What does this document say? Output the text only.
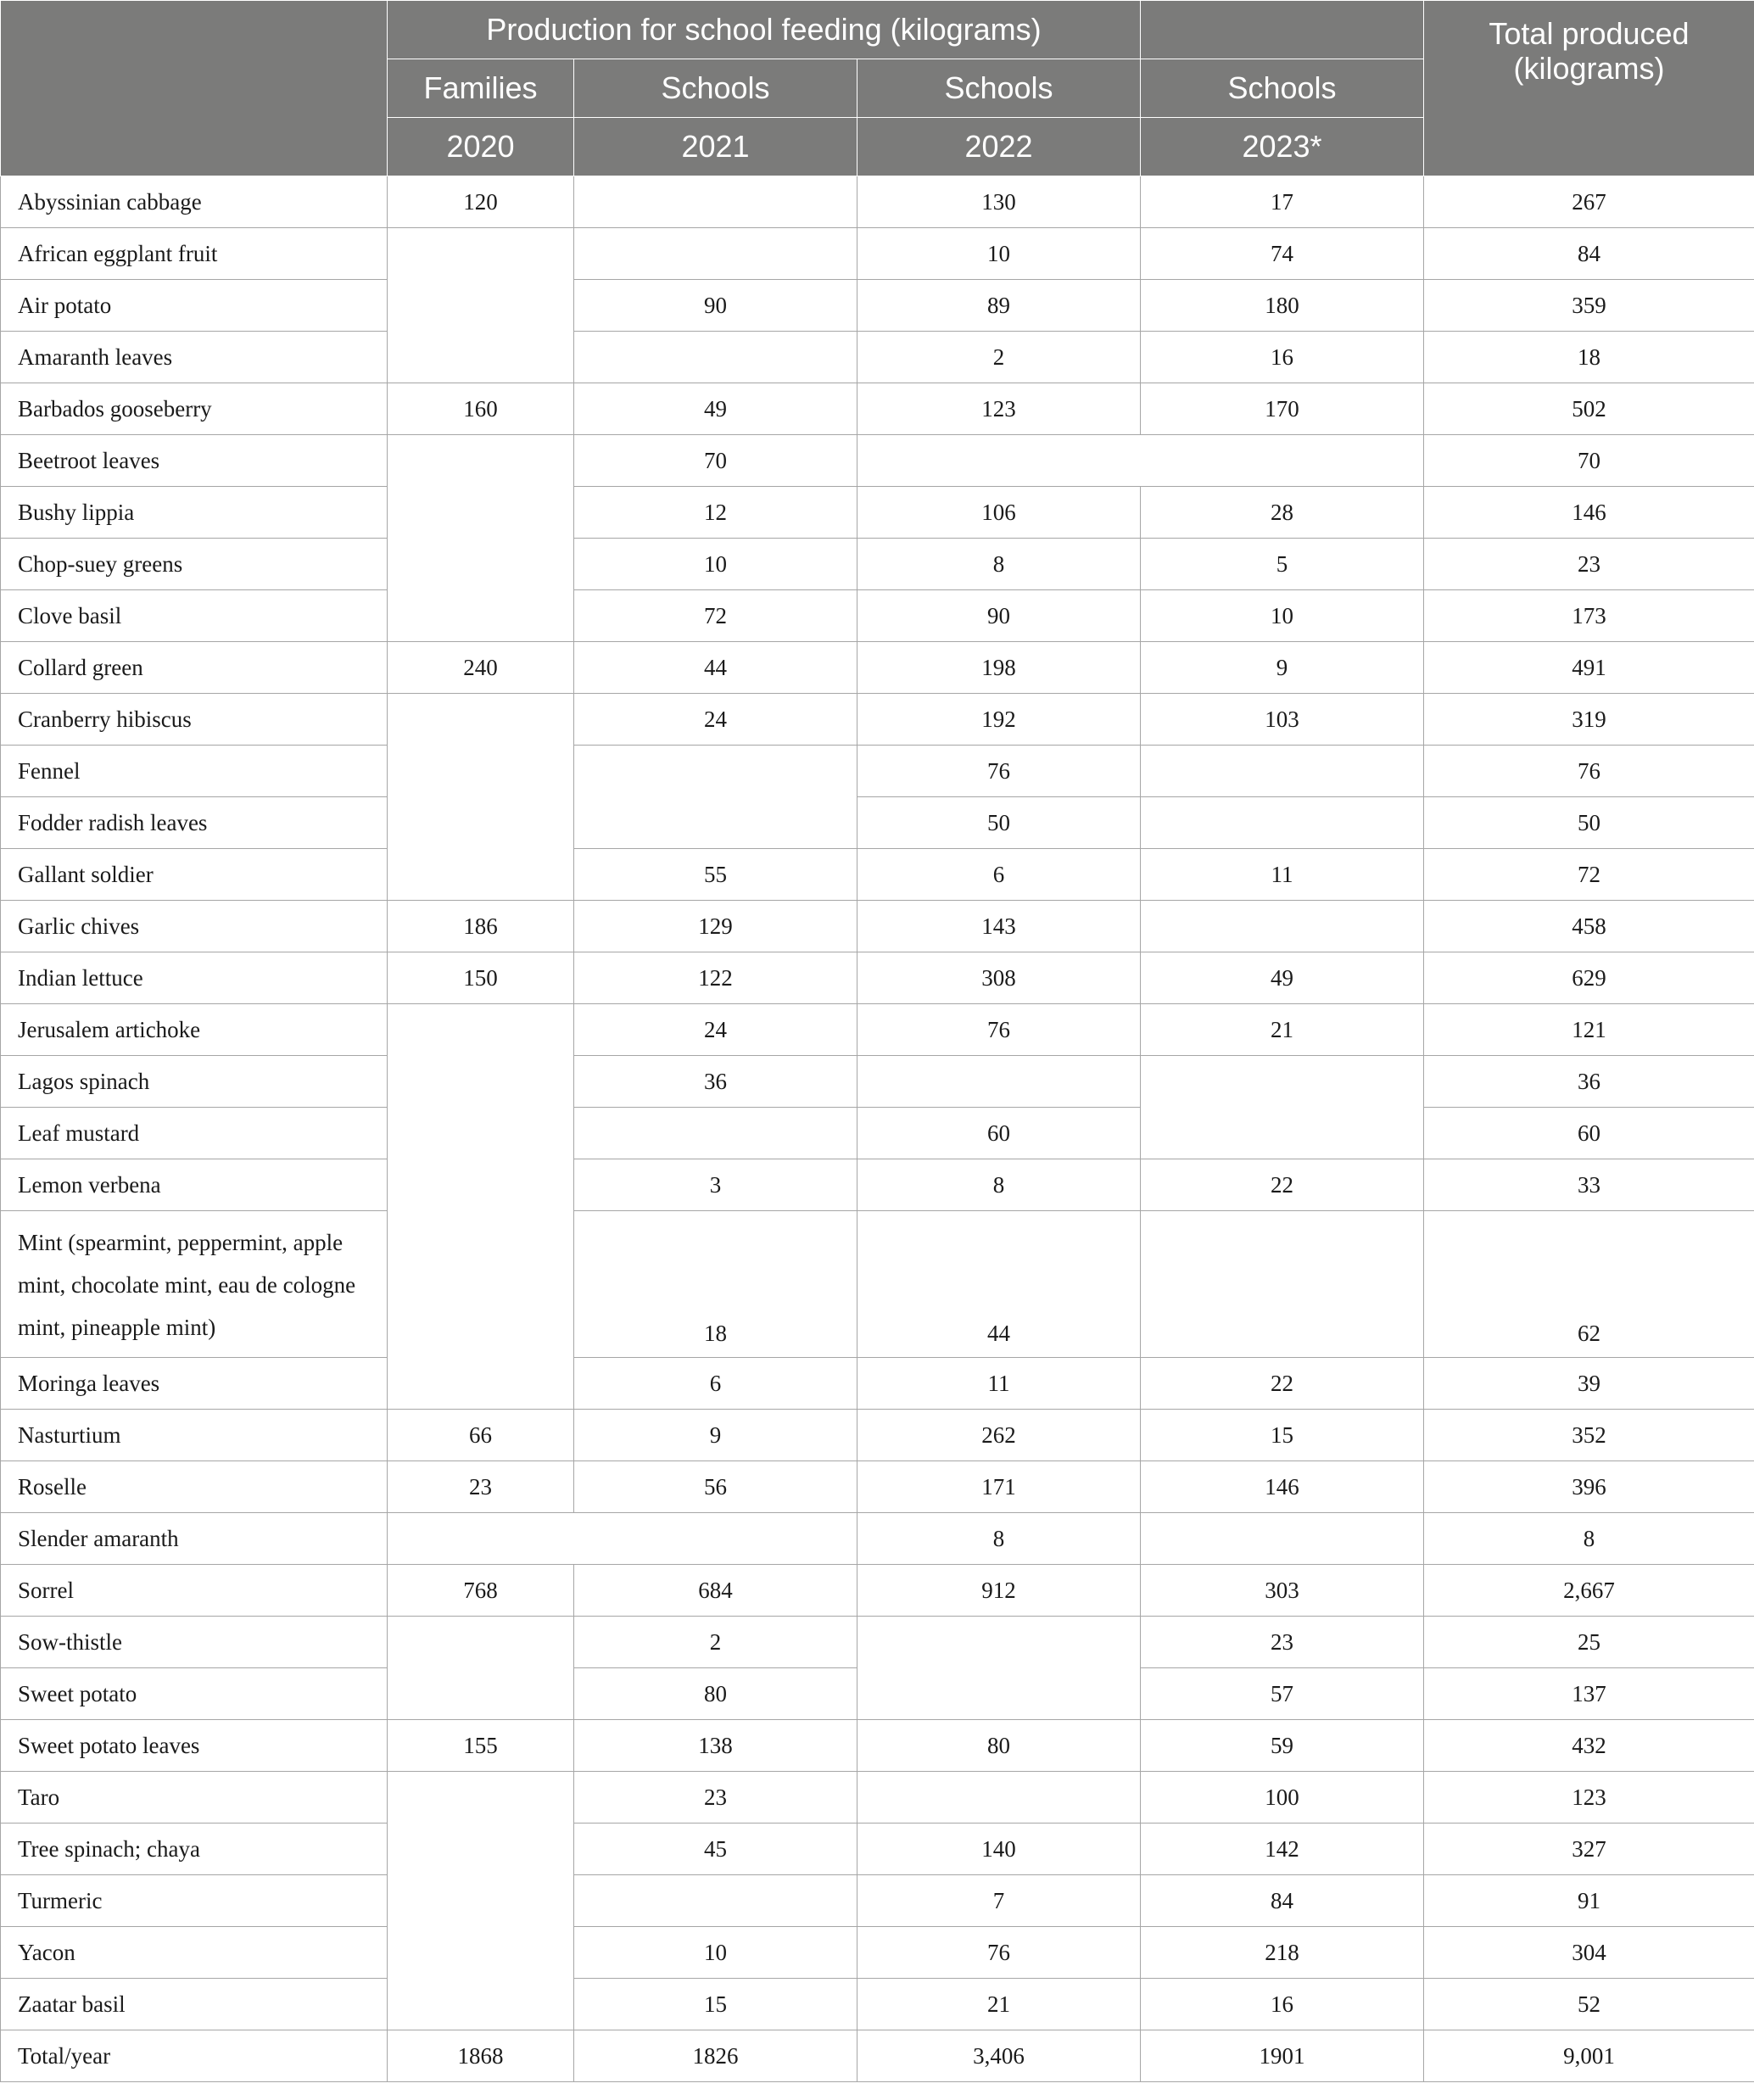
	Production for school feeding (kilograms)				Total produced (kilograms)
	Families	Schools	Schools	Schools	
	2020	2021	2022	2023*	
Abyssinian cabbage	120		130	17	267
African eggplant fruit			10	74	84
Air potato		90	89	180	359
Amaranth leaves			2	16	18
Barbados gooseberry	160	49	123	170	502
Beetroot leaves		70			70
Bushy lippia		12	106	28	146
Chop-suey greens		10	8	5	23
Clove basil		72	90	10	173
Collard green	240	44	198	9	491
Cranberry hibiscus		24	192	103	319
Fennel			76		76
Fodder radish leaves			50		50
Gallant soldier		55	6	11	72
Garlic chives	186	129	143		458
Indian lettuce	150	122	308	49	629
Jerusalem artichoke		24	76	21	121
Lagos spinach		36			36
Leaf mustard			60		60
Lemon verbena		3	8	22	33
Mint (spearmint, peppermint, apple mint, chocolate mint, eau de cologne mint, pineapple mint)		18	44		62
Moringa leaves		6	11	22	39
Nasturtium	66	9	262	15	352
Roselle	23	56	171	146	396
Slender amaranth			8		8
Sorrel	768	684	912	303	2,667
Sow-thistle		2		23	25
Sweet potato		80		57	137
Sweet potato leaves	155	138	80	59	432
Taro		23		100	123
Tree spinach; chaya		45	140	142	327
Turmeric			7	84	91
Yacon		10	76	218	304
Zaatar basil		15	21	16	52
Total/year	1868	1826	3,406	1901	9,001
